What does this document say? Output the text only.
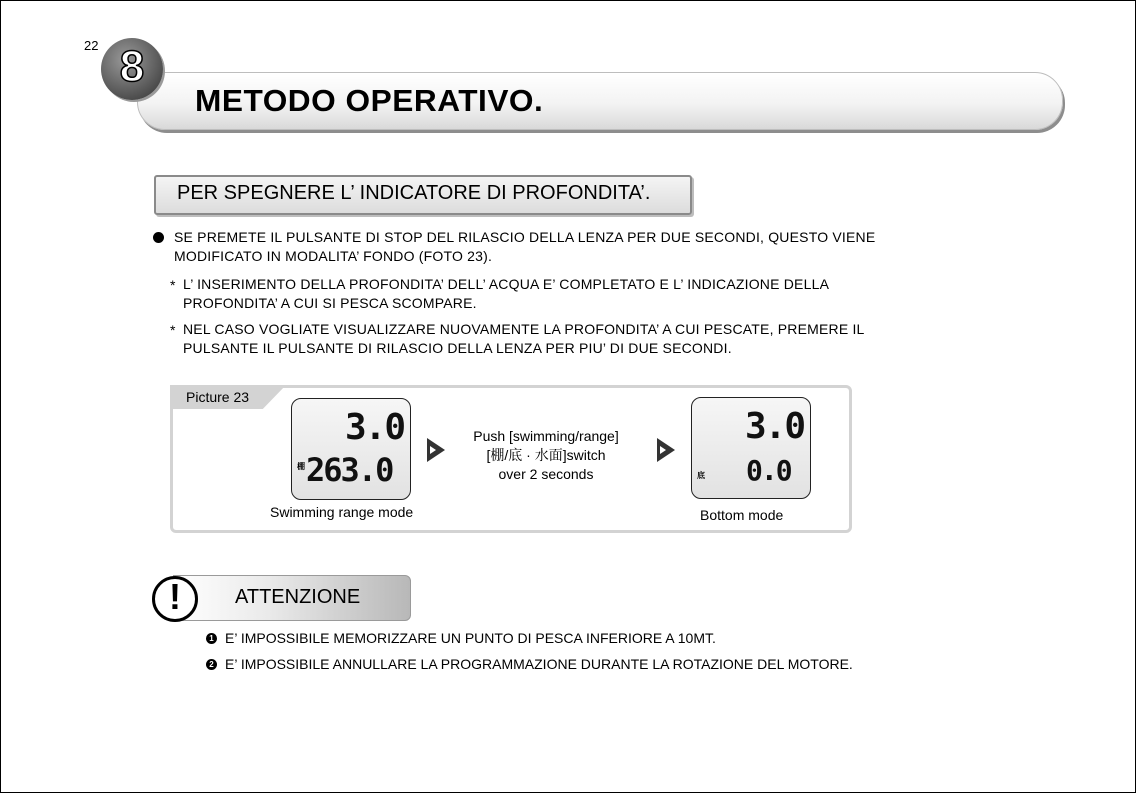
22 8
METODO OPERATIVO.
PER SPEGNERE L’ INDICATORE DI PROFONDITA’.
SE PREMETE IL PULSANTE DI STOP DEL RILASCIO DELLA LENZA PER DUE SECONDI, QUESTO VIENE MODIFICATO IN MODALITA’ FONDO (FOTO 23).
* L’ INSERIMENTO DELLA PROFONDITA’ DELL’ ACQUA E’ COMPLETATO E L’ INDICAZIONE DELLA PROFONDITA’ A CUI SI PESCA SCOMPARE.
* NEL CASO VOGLIATE VISUALIZZARE NUOVAMENTE LA PROFONDITA’ A CUI PESCATE, PREMERE IL PULSANTE IL PULSANTE DI RILASCIO DELLA LENZA PER PIU’ DI DUE SECONDI.
Picture 23
3.0
棚 263.0
Swimming range mode
Push [swimming/range]
[棚/底 · 水面]switch
over 2 seconds
3.0
底 0.0
Bottom mode
!	ATTENZIONE
1 E’ IMPOSSIBILE MEMORIZZARE UN PUNTO DI PESCA INFERIORE A 10MT.
2 E’ IMPOSSIBILE ANNULLARE LA PROGRAMMAZIONE DURANTE LA ROTAZIONE DEL MOTORE.
